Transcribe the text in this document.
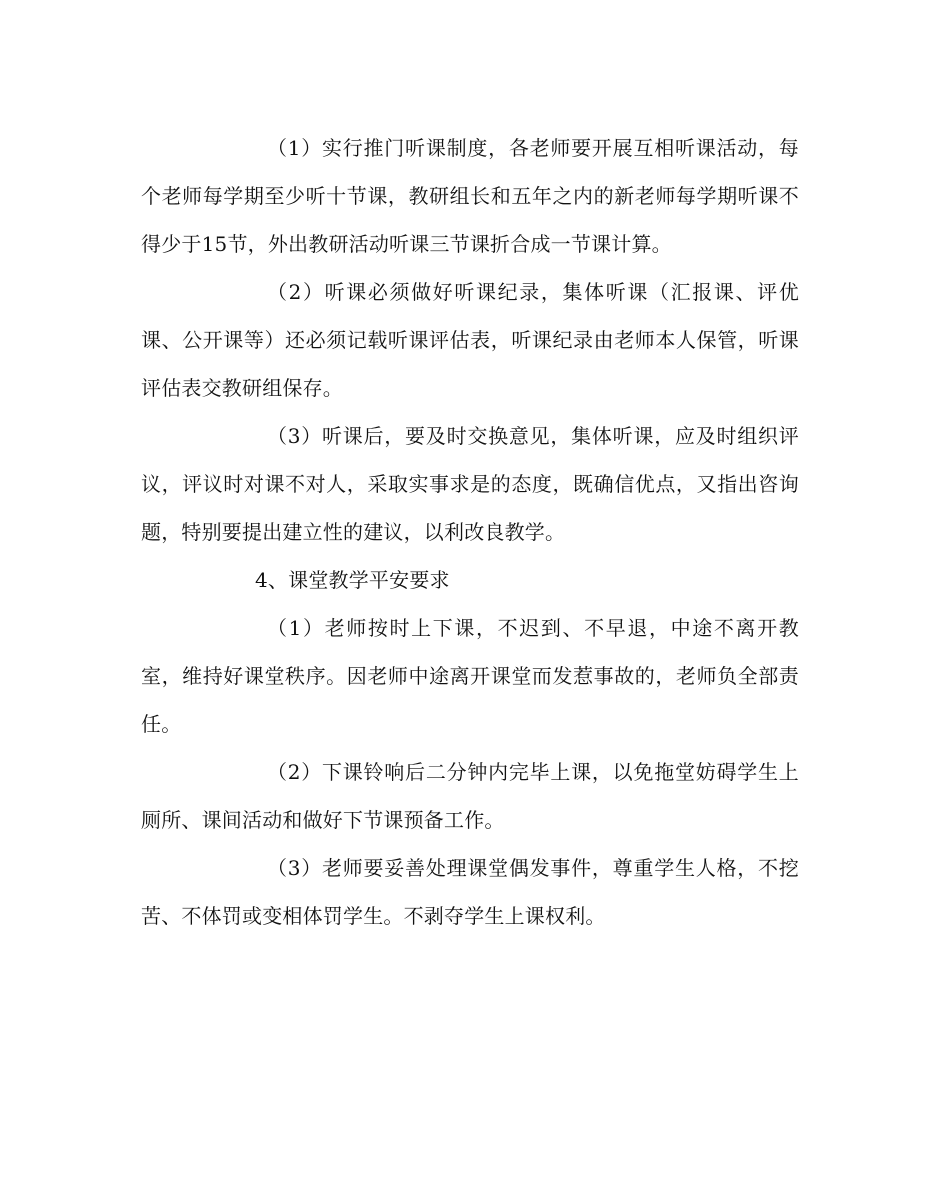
（1）实行推门听课制度，各老师要开展互相听课活动，每个老师每学期至少听十节课，教研组长和五年之内的新老师每学期听课不得少于15节，外出教研活动听课三节课折合成一节课计算。

（2）听课必须做好听课纪录，集体听课（汇报课、评优课、公开课等）还必须记载听课评估表，听课纪录由老师本人保管，听课评估表交教研组保存。

（3）听课后，要及时交换意见，集体听课，应及时组织评议，评议时对课不对人，采取实事求是的态度，既确信优点，又指出咨询题，特别要提出建立性的建议，以利改良教学。

4、课堂教学平安要求

（1）老师按时上下课，不迟到、不早退，中途不离开教室，维持好课堂秩序。因老师中途离开课堂而发惹事故的，老师负全部责任。

（2）下课铃响后二分钟内完毕上课，以免拖堂妨碍学生上厕所、课间活动和做好下节课预备工作。

（3）老师要妥善处理课堂偶发事件，尊重学生人格，不挖苦、不体罚或变相体罚学生。不剥夺学生上课权利。
